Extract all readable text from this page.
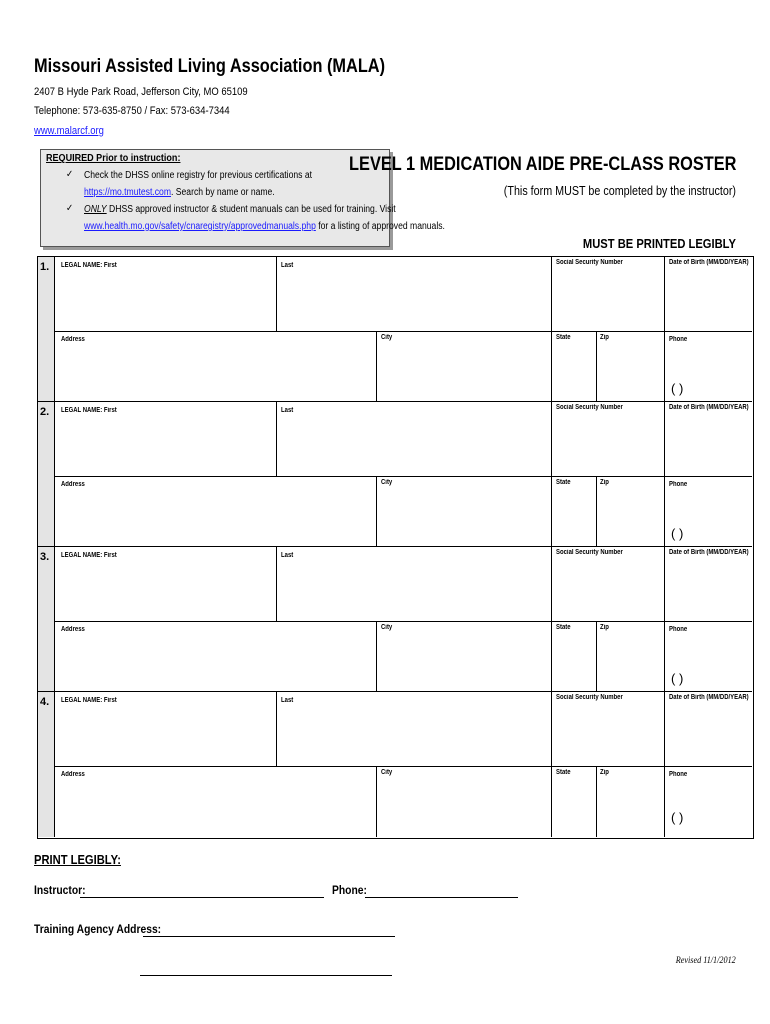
Missouri Assisted Living Association (MALA)
2407 B Hyde Park Road, Jefferson City, MO 65109
Telephone: 573-635-8750 / Fax: 573-634-7344
www.malarcf.org
REQUIRED Prior to instruction:
✓ Check the DHSS online registry for previous certifications at
https://mo.tmutest.com. Search by name or name.
✓ ONLY DHSS approved instructor & student manuals can be used for training. Visit
www.health.mo.gov/safety/cnaregistry/approvedmanuals.php for a listing of approved manuals.
LEVEL 1 MEDICATION AIDE PRE-CLASS ROSTER
(This form MUST be completed by the instructor)
MUST BE PRINTED LEGIBLY
1. LEGAL NAME: First	Last	Social Security Number	Date of Birth (MM/DD/YEAR)
Address	City	State	Zip	Phone
( )
2. LEGAL NAME: First	Last	Social Security Number	Date of Birth (MM/DD/YEAR)
Address	City	State	Zip	Phone
( )
3. LEGAL NAME: First	Last	Social Security Number	Date of Birth (MM/DD/YEAR)
Address	City	State	Zip	Phone
( )
4. LEGAL NAME: First	Last	Social Security Number	Date of Birth (MM/DD/YEAR)
Address	City	State	Zip	Phone
( )
PRINT LEGIBLY:
Instructor:	Phone:
Training Agency Address:
Revised 11/1/2012
